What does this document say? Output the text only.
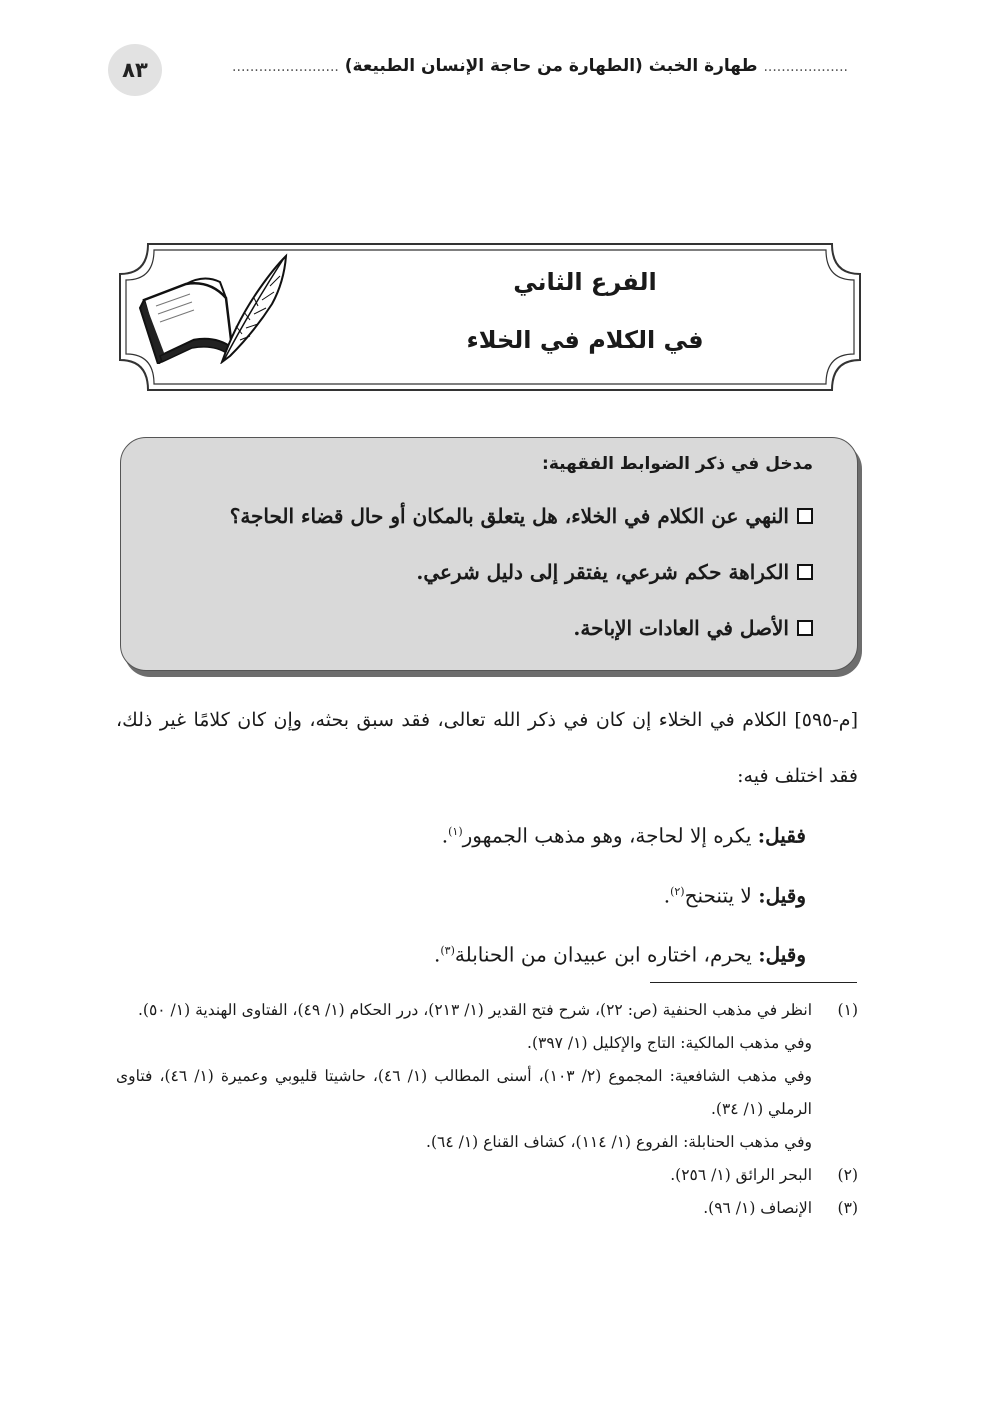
٨٣	................... طهارة الخبث (الطهارة من حاجة الإنسان الطبيعة) ........................
الفرع الثاني
في الكلام في الخلاء
مدخل في ذكر الضوابط الفقهية:
النهي عن الكلام في الخلاء، هل يتعلق بالمكان أو حال قضاء الحاجة؟
الكراهة حكم شرعي، يفتقر إلى دليل شرعي.
الأصل في العادات الإباحة.

[م-٥٩٥] الكلام في الخلاء إن كان في ذكر الله تعالى، فقد سبق بحثه، وإن كان كلامًا غير ذلك، فقد اختلف فيه:

فقيل: يكره إلا لحاجة، وهو مذهب الجمهور$^{(١)}$.

وقيل: لا يتنحنح$^{(٢)}$.

وقيل: يحرم، اختاره ابن عبيدان من الحنابلة$^{(٣)}$.

(١)

انظر في مذهب الحنفية (ص: ٢٢)، شرح فتح القدير (١/ ٢١٣)، درر الحكام (١/ ٤٩)، الفتاوى الهندية (١/ ٥٠).

وفي مذهب المالكية: التاج والإكليل (١/ ٣٩٧).

وفي مذهب الشافعية: المجموع (٢/ ١٠٣)، أسنى المطالب (١/ ٤٦)، حاشيتا قليوبي وعميرة (١/ ٤٦)، فتاوى الرملي (١/ ٣٤).

وفي مذهب الحنابلة: الفروع (١/ ١١٤)، كشاف القناع (١/ ٦٤).

(٢)

البحر الرائق (١/ ٢٥٦).

(٣)

الإنصاف (١/ ٩٦).
